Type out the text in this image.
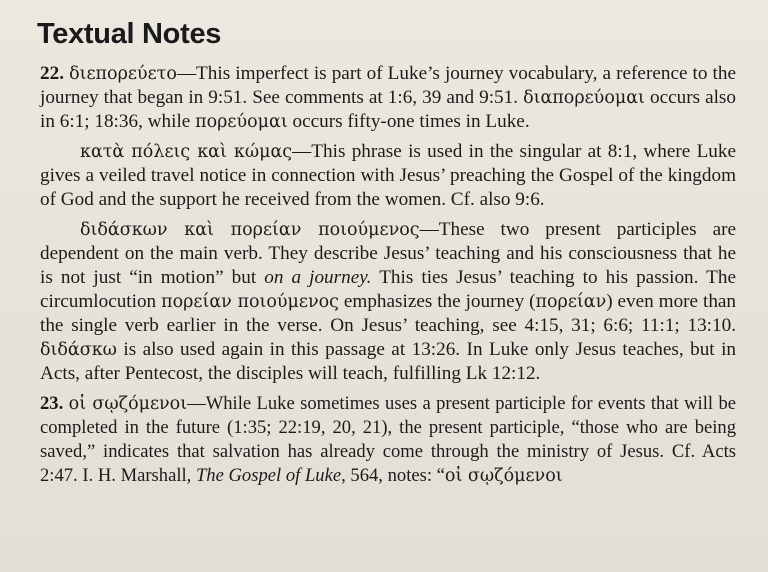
Textual Notes

22. διεπορεύετο—This imperfect is part of Luke’s journey vocabulary, a reference to the journey that began in 9:51. See comments at 1:6, 39 and 9:51. διαπορεύομαι occurs also in 6:1; 18:36, while πορεύομαι occurs fifty-one times in Luke.

κατὰ πόλεις καὶ κώμας—This phrase is used in the singular at 8:1, where Luke gives a veiled travel notice in connection with Jesus’ preaching the Gospel of the kingdom of God and the support he received from the women. Cf. also 9:6.

διδάσκων καὶ πορείαν ποιούμενος—These two present participles are dependent on the main verb. They describe Jesus’ teaching and his consciousness that he is not just “in motion” but on a journey. This ties Jesus’ teaching to his passion. The circumlocution πορείαν ποιούμενος emphasizes the journey (πορείαν) even more than the single verb earlier in the verse. On Jesus’ teaching, see 4:15, 31; 6:6; 11:1; 13:10. διδάσκω is also used again in this passage at 13:26. In Luke only Jesus teaches, but in Acts, after Pentecost, the disciples will teach, fulfilling Lk 12:12.

23. οἱ σῳζόμενοι—While Luke sometimes uses a present participle for events that will be completed in the future (1:35; 22:19, 20, 21), the present participle, “those who are being saved,” indicates that salvation has already come through the ministry of Jesus. Cf. Acts 2:47. I. H. Marshall, The Gospel of Luke, 564, notes: “οἱ σῳζόμενοι
